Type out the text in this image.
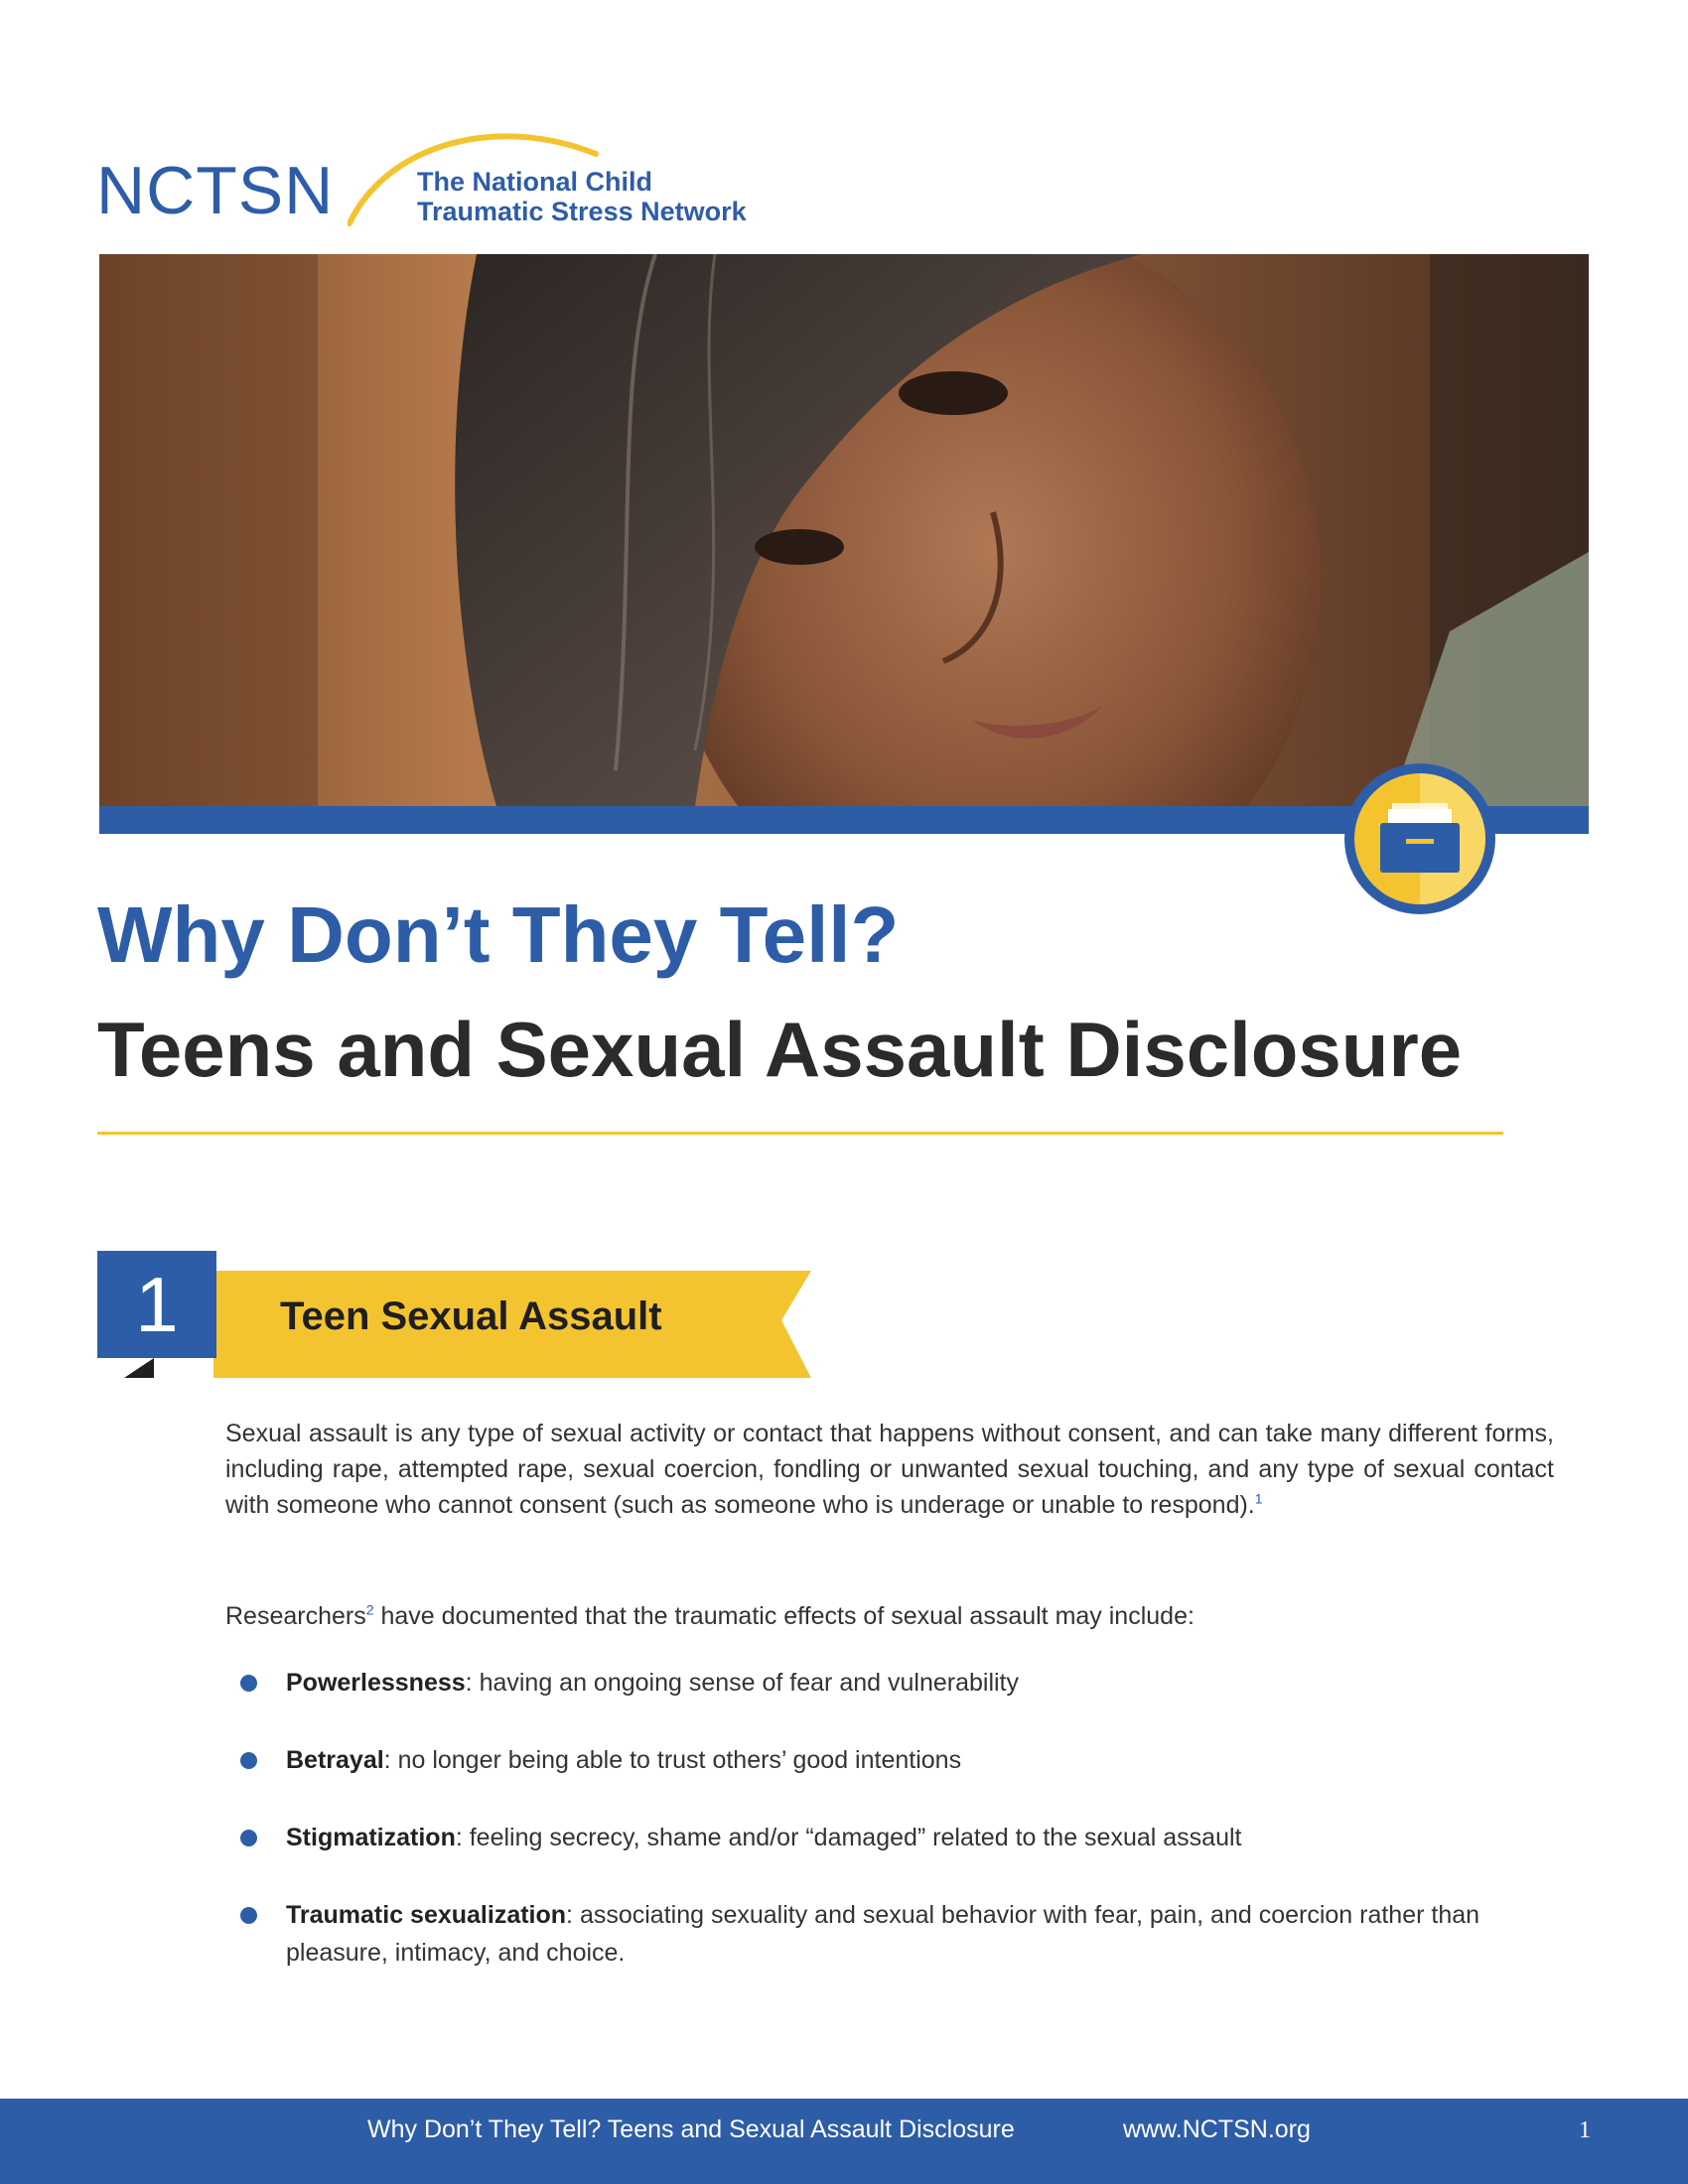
NCTSN	The National Child
Traumatic Stress Network
Why Don’t They Tell?
Teens and Sexual Assault Disclosure
1	Teen Sexual Assault
Sexual assault is any type of sexual activity or contact that happens without consent, and can take many different forms, including rape, attempted rape, sexual coercion, fondling or unwanted sexual touching, and any type of sexual contact with someone who cannot consent (such as someone who is underage or unable to respond).$^1$
Researchers$^2$ have documented that the traumatic effects of sexual assault may include:
Powerlessness: having an ongoing sense of fear and vulnerability
Betrayal: no longer being able to trust others’ good intentions
Stigmatization: feeling secrecy, shame and/or “damaged” related to the sexual assault
Traumatic sexualization: associating sexuality and sexual behavior with fear, pain, and coercion rather than pleasure, intimacy, and choice.
Why Don’t They Tell? Teens and Sexual Assault Disclosure	www.NCTSN.org	1
